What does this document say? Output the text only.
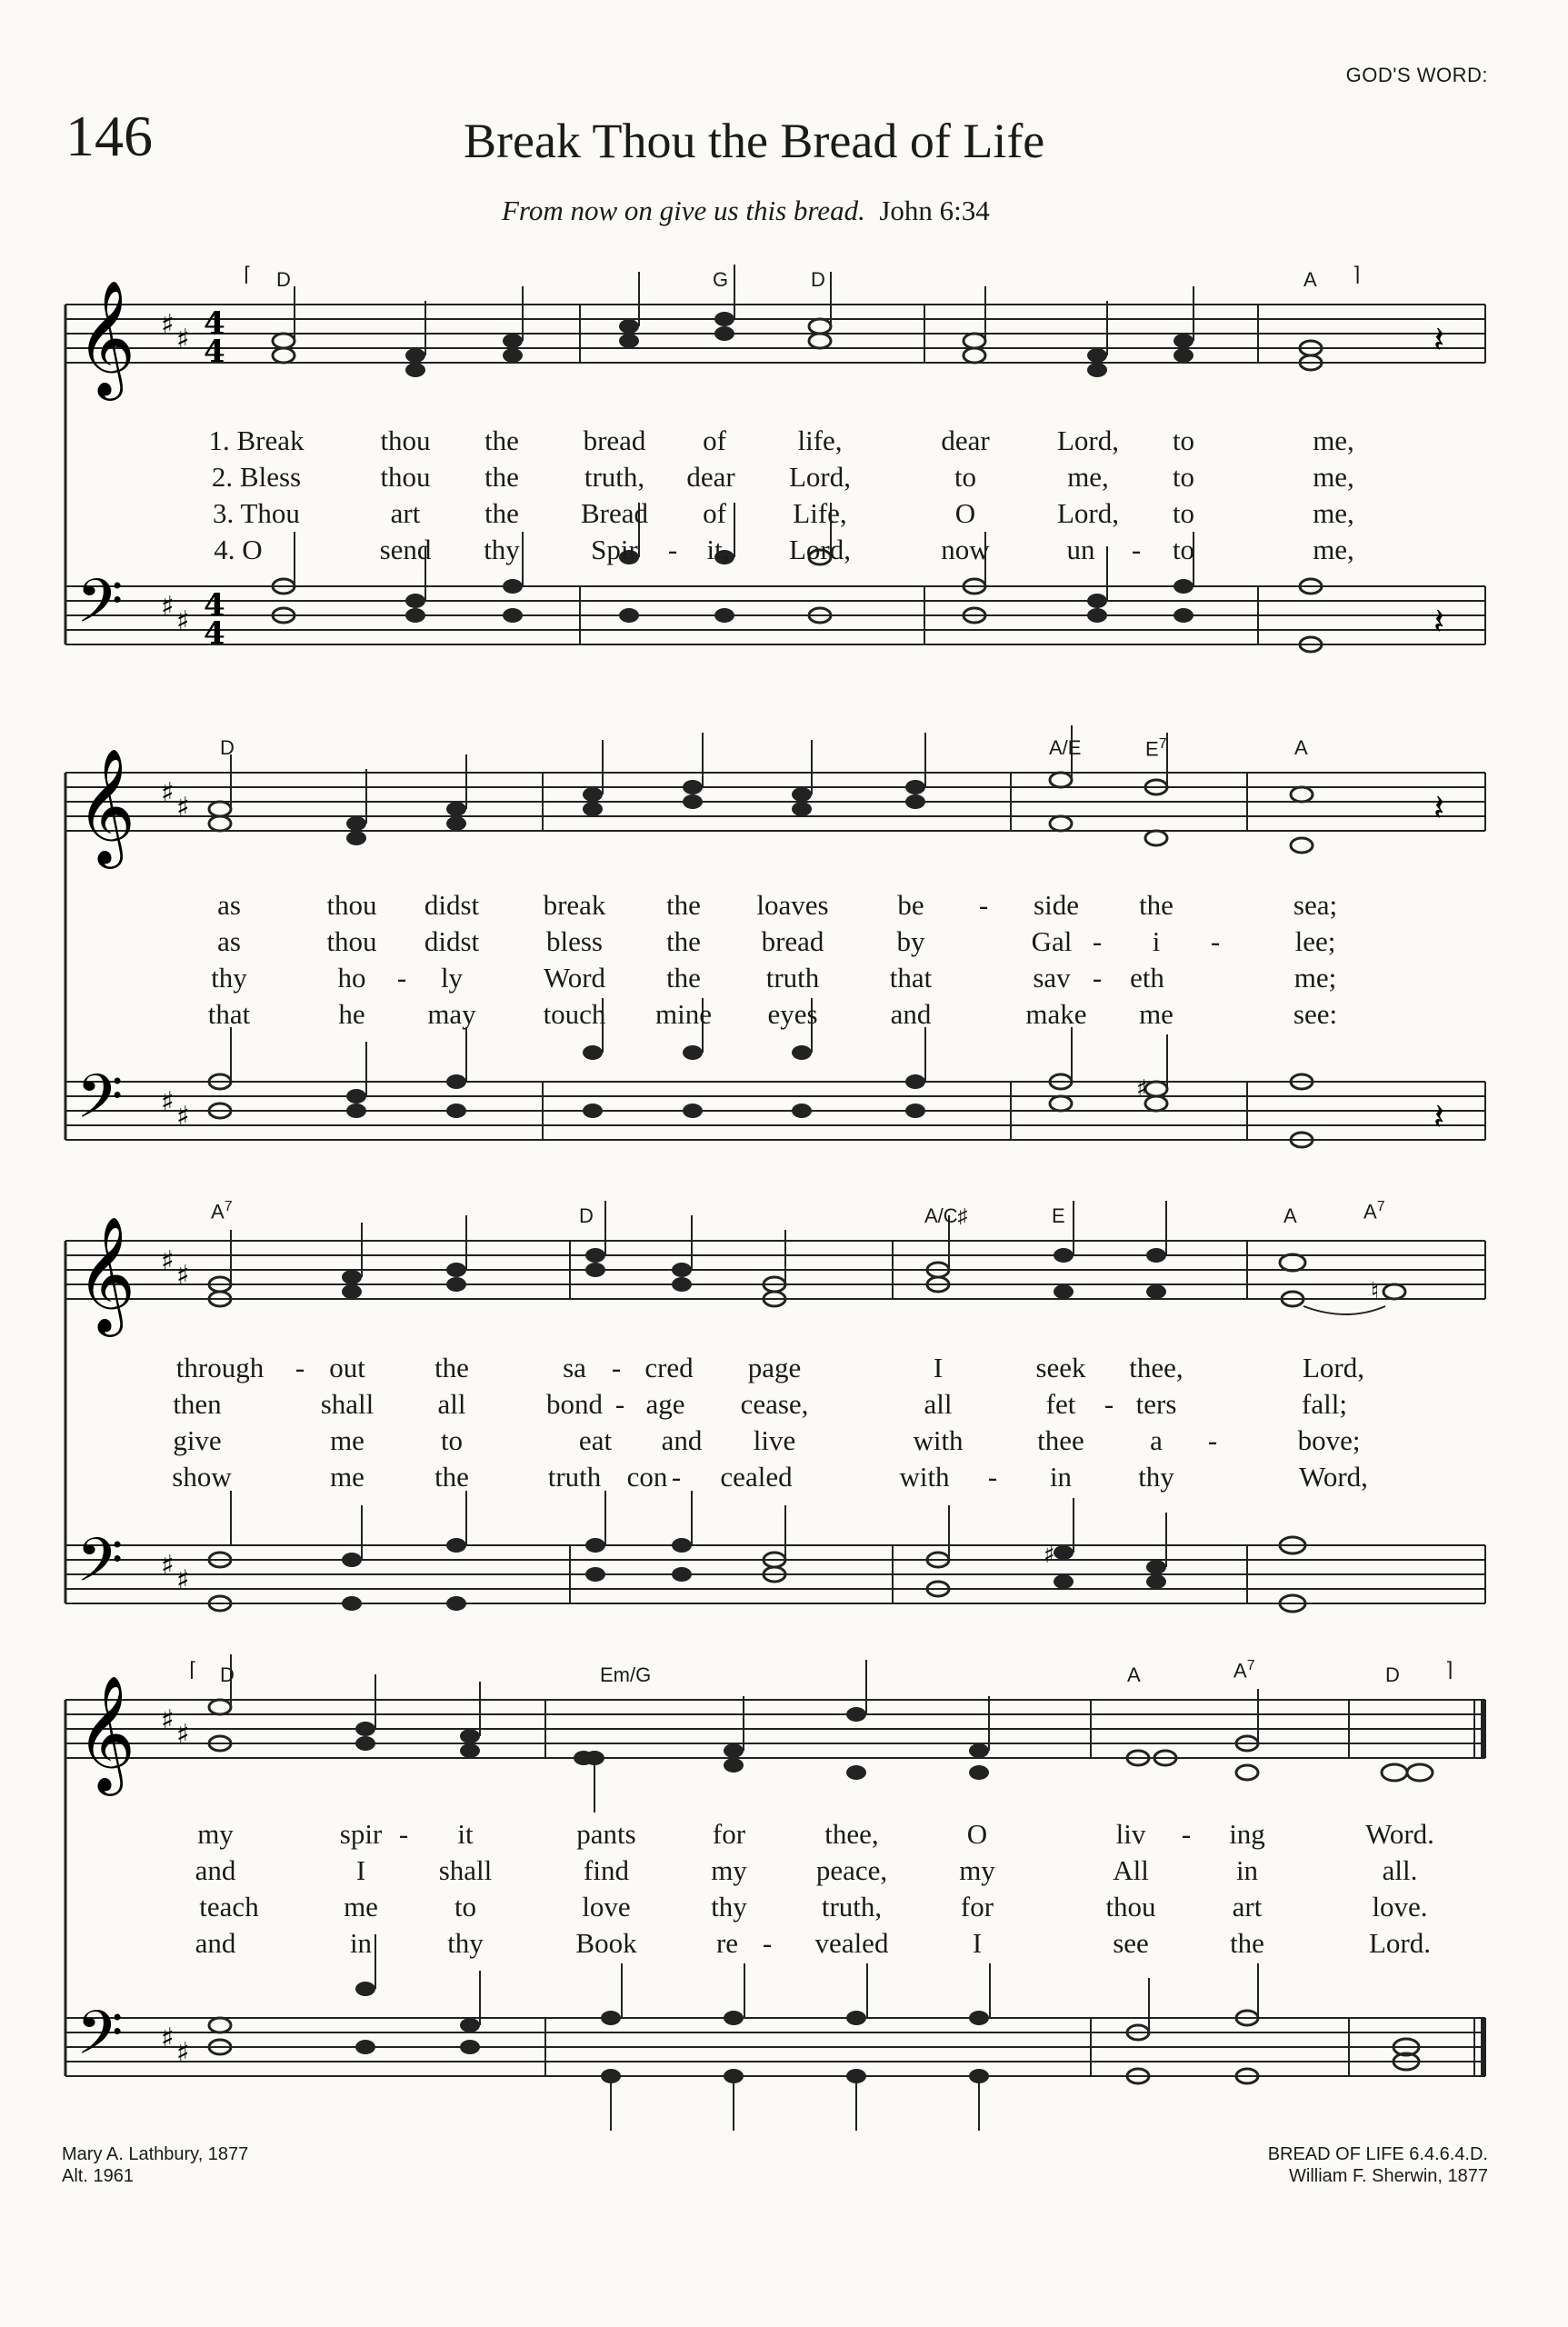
GOD'S WORD:
146	Break Thou the Bread of Life
From now on give us this bread. John 6:34
𝄞
𝄢
♯ ♯
♯ ♯
4
4
4
4
𝄽
𝄽
⌈	⌉
D	G	D	A
1. Break	thou the bread of	life,	dear Lord, to	me,
2. Bless	thou the truth, dear Lord,	to	me, to	me,
3. Thou	art the Bread of Life,	O	Lord, to	me,
4. O	send thy	Spir - it, Lord,	now	un - to	me,
𝄞
𝄢
♯ ♯
♯ ♯
♯
𝄽
𝄽
D	A/E	$E^7$	A
as	thou didst break the loaves be - side the	sea;
as	thou didst bless the bread	by	Gal - i -	lee;
thy	ho - ly	Word the truth that	sav - eth	me;
that	he may touch mine eyes	and	make me	see:
𝄞
𝄢
♯ ♯
♯ ♯
♮
♯
$A^7$	D	A/C♯	E	A	$A^7$
through - out the	sa - cred page	I	seek thee,	Lord,
then	shall all	bond - age cease,	all	fet - ters	fall;
give	me	to	eat and live	with	thee a -	bove;
show	me the	truth con - cealed	with - in thy	Word,
𝄞
𝄢
♯ ♯
♯ ♯
⌈	⌉
D	Em/G	A	$A^7$	D
my	spir - it	pants	for	thee,	O	liv - ing	Word.
and	I	shall	find	my peace,	my	All	in	all.
teach	me	to	love	thy	truth,	for	thou	art	love.
and	in	thy	Book	re - vealed	I	see	the	Lord.
Mary A. Lathbury, 1877
Alt. 1961
BREAD OF LIFE 6.4.6.4.D.
William F. Sherwin, 1877
